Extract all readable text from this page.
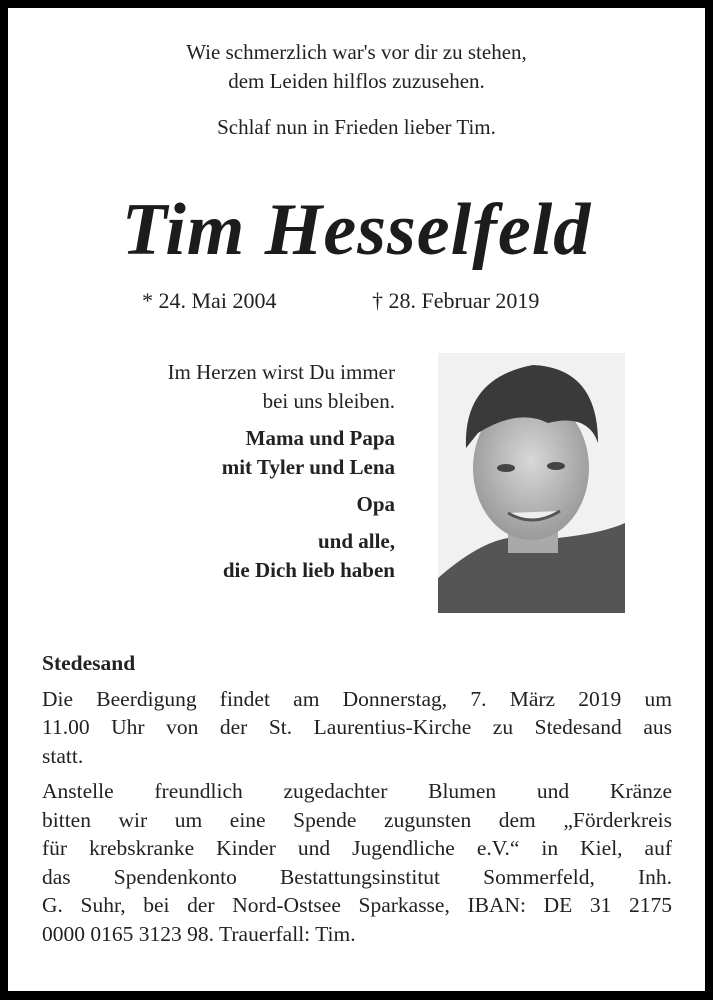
Wie schmerzlich war's vor dir zu stehen,
dem Leiden hilflos zuzusehen.
Schlaf nun in Frieden lieber Tim.
Tim Hesselfeld
* 24. Mai 2004	† 28. Februar 2019
Im Herzen wirst Du immer
bei uns bleiben.
Mama und Papa
mit Tyler und Lena
Opa
und alle,
die Dich lieb haben
Stedesand
Die Beerdigung findet am Donnerstag, 7. März 2019 um
11.00 Uhr von der St. Laurentius-Kirche zu Stedesand aus
statt.
Anstelle freundlich zugedachter Blumen und Kränze
bitten wir um eine Spende zugunsten dem „Förderkreis
für krebskranke Kinder und Jugendliche e.V.“ in Kiel, auf
das Spendenkonto Bestattungsinstitut Sommerfeld, Inh.
G. Suhr, bei der Nord-Ostsee Sparkasse, IBAN: DE 31 2175
0000 0165 3123 98. Trauerfall: Tim.
